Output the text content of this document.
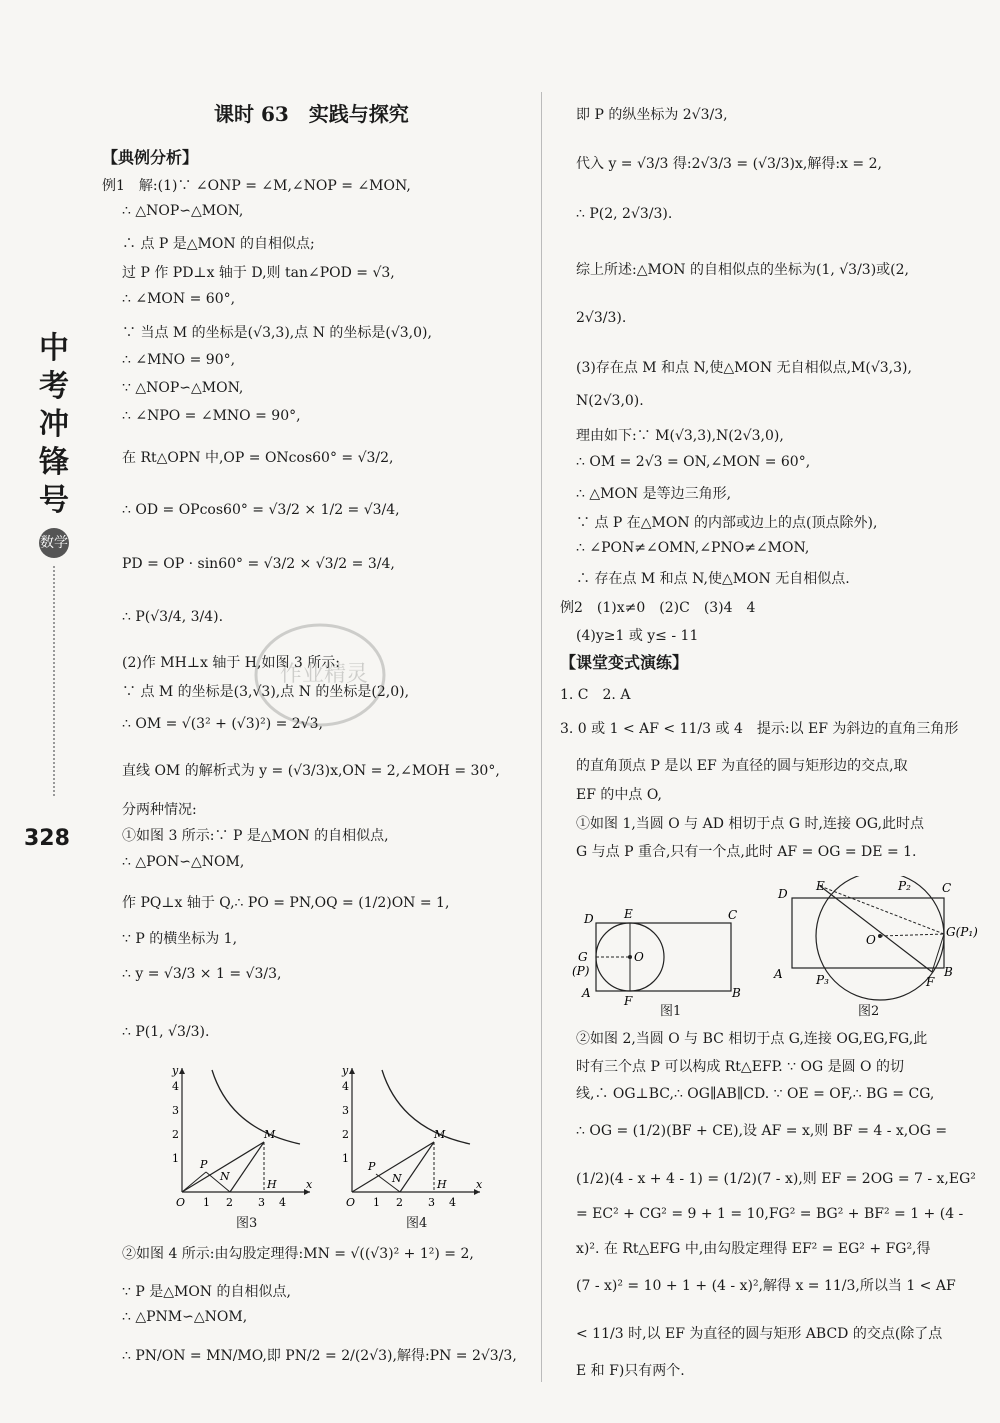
中
考
冲
锋
号
数学
328
课时 63　实践与探究
【典例分析】
例1　解:(1)∵ ∠ONP = ∠M,∠NOP = ∠MON,
∴ △NOP∽△MON,
∴ 点 P 是△MON 的自相似点;
过 P 作 PD⊥x 轴于 D,则 tan∠POD = √3,
∴ ∠MON = 60°,
∵ 当点 M 的坐标是(√3,3),点 N 的坐标是(√3,0),
∴ ∠MNO = 90°,
∵ △NOP∽△MON,
∴ ∠NPO = ∠MNO = 90°,
在 Rt△OPN 中,OP = ONcos60° = √3/2,
∴ OD = OPcos60° = √3/2 × 1/2 = √3/4,
PD = OP · sin60° = √3/2 × √3/2 = 3/4,
∴ P(√3/4, 3/4).
(2)作 MH⊥x 轴于 H,如图 3 所示:
∵ 点 M 的坐标是(3,√3),点 N 的坐标是(2,0),
∴ OM = √(3² + (√3)²) = 2√3,
直线 OM 的解析式为 y = (√3/3)x,ON = 2,∠MOH = 30°,
分两种情况:
①如图 3 所示:∵ P 是△MON 的自相似点,
∴ △PON∽△NOM,
作 PQ⊥x 轴于 Q,∴ PO = PN,OQ = (1/2)ON = 1,
∵ P 的横坐标为 1,
∴ y = √3/3 × 1 = √3/3,
∴ P(1, √3/3).
②如图 4 所示:由勾股定理得:MN = √((√3)² + 1²) = 2,
∵ P 是△MON 的自相似点,
∴ △PNM∽△NOM,
∴ PN/ON = MN/MO,即 PN/2 = 2/(2√3),解得:PN = 2√3/3,
x
y
4
3
2
1
O 1 2 3 4
M
P
N
H	x
y
4
3
2
1
O 1 2 3 4
M
P
N	H
图3	图4
【课堂变式演练】
即 P 的纵坐标为 2√3/3,
代入 y = √3/3 得:2√3/3 = (√3/3)x,解得:x = 2,
∴ P(2, 2√3/3).
综上所述:△MON 的自相似点的坐标为(1, √3/3)或(2,
2√3/3).
(3)存在点 M 和点 N,使△MON 无自相似点,M(√3,3),
N(2√3,0).
理由如下:∵ M(√3,3),N(2√3,0),
∴ OM = 2√3 = ON,∠MON = 60°,
∴ △MON 是等边三角形,
∵ 点 P 在△MON 的内部或边上的点(顶点除外),
∴ ∠PON≠∠OMN,∠PNO≠∠MON,
∴ 存在点 M 和点 N,使△MON 无自相似点.
例2　(1)x≠0　(2)C　(3)4　4
(4)y≥1 或 y≤ - 11
1. C　2. A
3. 0 或 1 < AF < 11/3 或 4　提示:以 EF 为斜边的直角三角形
的直角顶点 P 是以 EF 为直径的圆与矩形边的交点,取
EF 的中点 O,
①如图 1,当圆 O 与 AD 相切于点 G 时,连接 OG,此时点
G 与点 P 重合,只有一个点,此时 AF = OG = DE = 1.
②如图 2,当圆 O 与 BC 相切于点 G,连接 OG,EG,FG,此
时有三个点 P 可以构成 Rt△EFP. ∵ OG 是圆 O 的切
线,∴ OG⊥BC,∴ OG∥AB∥CD. ∵ OE = OF,∴ BG = CG,
∴ OG = (1/2)(BF + CE),设 AF = x,则 BF = 4 - x,OG =
(1/2)(4 - x + 4 - 1) = (1/2)(7 - x),则 EF = 2OG = 7 - x,EG²
= EC² + CG² = 9 + 1 = 10,FG² = BG² + BF² = 1 + (4 -
x)². 在 Rt△EFG 中,由勾股定理得 EF² = EG² + FG²,得
(7 - x)² = 10 + 1 + (4 - x)²,解得 x = 11/3,所以当 1 < AF
< 11/3 时,以 EF 为直径的圆与矩形 ABCD 的交点(除了点
E 和 F)只有两个.
D	E	C
G
(P)
O
A
F
B
图1
D
E	P₂	C
G(P₁)
O
A	P₃	F
B
图2
作业精灵
